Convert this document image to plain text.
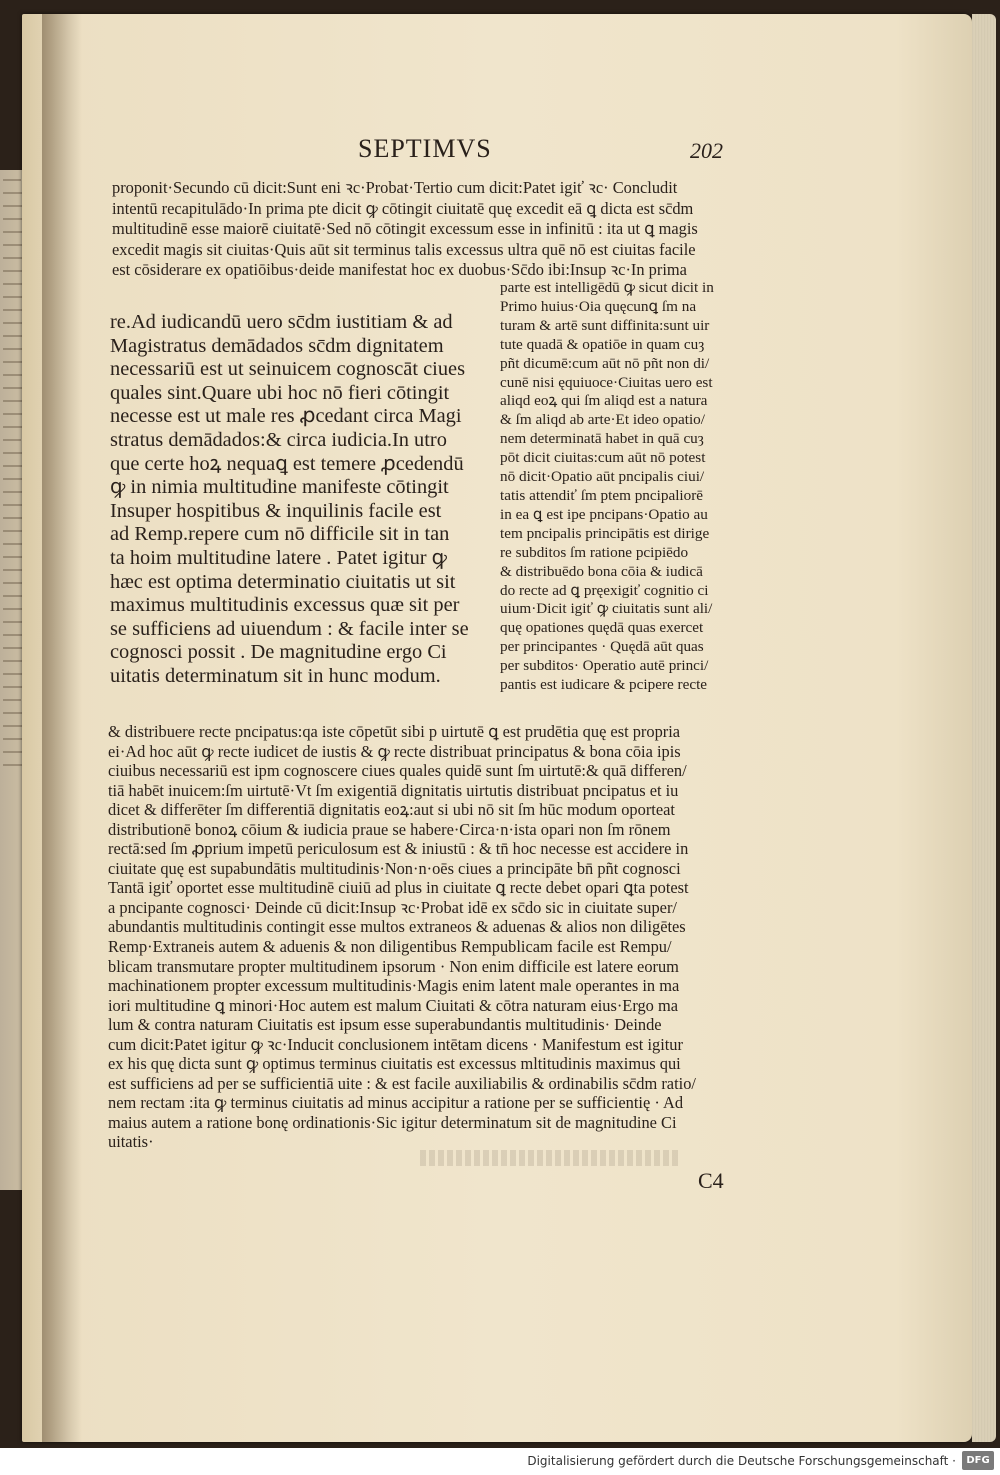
SEPTIMVS	202
proponit·Secundo cū dicit:Sunt eni ꝛc·Probat·Tertio cum dicit:Patet igiť ꝛc· Concludit
intentū recapitulādo·In prima pte dicit ꝙ cōtingit ciuitatē quę excedit eā ꝗ dicta est sc̄dm
multitudinē esse maiorē ciuitatē·Sed nō cōtingit excessum esse in infinitū : ita ut ꝗ magis
excedit magis sit ciuitas·Quis aūt sit terminus talis excessus ultra quē nō est ciuitas facile
est cōsiderare ex opatiōibus·deide manifestat hoc ex duobus·Sc̄do ibi:Insup ꝛc·In prima
re.Ad iudicandū uero sc̄dm iustitiam & ad
Magistratus demādados sc̄dm dignitatem
necessariū est ut seinuicem cognoscāt ciues
quales sint.Quare ubi hoc nō fieri cōtingit
necesse est ut male res ꝓcedant circa Magi
stratus demādados:& circa iudicia.In utro
que certe hoꝝ nequaꝗ est temere ꝓcedendū
ꝙ in nimia multitudine manifeste cōtingit
Insuper hospitibus & inquilinis facile est
ad Remp.repere cum nō difficile sit in tan
ta hoim multitudine latere . Patet igitur ꝙ
hæc est optima determinatio ciuitatis ut sit
maximus multitudinis excessus quæ sit per
se sufficiens ad uiuendum : & facile inter se
cognosci possit . De magnitudine ergo Ci
uitatis determinatum sit in hunc modum.
parte est intelligēdū ꝙ sicut dicit in
Primo huius·Oia quęcunꝗ ſm na
turam & artē sunt diffinita:sunt uir
tute quadā & opatiōe in quam cuȝ
pñt dicumē:cum aūt nō pñt non di/
cunē nisi ęquiuoce·Ciuitas uero est
aliqd eoꝝ qui ſm aliqd est a natura
& ſm aliqd ab arte·Et ideo opatio/
nem determinatā habet in quā cuȝ
pōt dicit ciuitas:cum aūt nō potest
nō dicit·Opatio aūt pncipalis ciui/
tatis attendiť ſm ptem pncipaliorē
in ea ꝗ est ipe pncipans·Opatio au
tem pncipalis principātis est dirige
re subditos ſm ratione pcipiēdo
& distribuēdo bona cōia & iudicā
do recte ad ꝗ pręexigiť cognitio ci
uium·Dicit igiť ꝙ ciuitatis sunt ali/
quę opationes quędā quas exercet
per principantes · Quędā aūt quas
per subditos· Operatio autē princi/
pantis est iudicare & pcipere recte
& distribuere recte pncipatus:qa iste cōpetūt sibi p uirtutē ꝗ est prudētia quę est propria
ei·Ad hoc aūt ꝙ recte iudicet de iustis & ꝙ recte distribuat principatus & bona cōia ipis
ciuibus necessariū est ipm cognoscere ciues quales quidē sunt ſm uirtutē:& quā differen/
tiā habēt inuicem:ſm uirtutē·Vt ſm exigentiā dignitatis uirtutis distribuat pncipatus et iu
dicet & differēter ſm differentiā dignitatis eoꝝ:aut si ubi nō sit ſm hūc modum oporteat
distributionē bonoꝝ cōium & iudicia praue se habere·Circa·n·ista opari non ſm rōnem
rectā:sed ſm ꝓprium impetū periculosum est & iniustū : & tn̄ hoc necesse est accidere in
ciuitate quę est supabundātis multitudinis·Non·n·oēs ciues a principāte bn̄ pñt cognosci
Tantā igiť oportet esse multitudinē ciuiū ad plus in ciuitate ꝗ recte debet opari ꝗta potest
a pncipante cognosci· Deinde cū dicit:Insup ꝛc·Probat idē ex sc̄do sic in ciuitate super/
abundantis multitudinis contingit esse multos extraneos & aduenas & alios non diligētes
Remp·Extraneis autem & aduenis & non diligentibus Rempublicam facile est Rempu/
blicam transmutare propter multitudinem ipsorum · Non enim difficile est latere eorum
machinationem propter excessum multitudinis·Magis enim latent male operantes in ma
iori multitudine ꝗ minori·Hoc autem est malum Ciuitati & cōtra naturam eius·Ergo ma
lum & contra naturam Ciuitatis est ipsum esse superabundantis multitudinis· Deinde
cum dicit:Patet igitur ꝙ ꝛc·Inducit conclusionem intētam dicens · Manifestum est igitur
ex his quę dicta sunt ꝙ optimus terminus ciuitatis est excessus mltitudinis maximus qui
est sufficiens ad per se sufficientiā uite : & est facile auxiliabilis & ordinabilis sc̄dm ratio/
nem rectam :ita ꝙ terminus ciuitatis ad minus accipitur a ratione per se sufficientię · Ad
maius autem a ratione bonę ordinationis·Sic igitur determinatum sit de magnitudine Ci
uitatis·
C4
Digitalisierung gefördert durch die Deutsche Forschungsgemeinschaft ·	DFG
